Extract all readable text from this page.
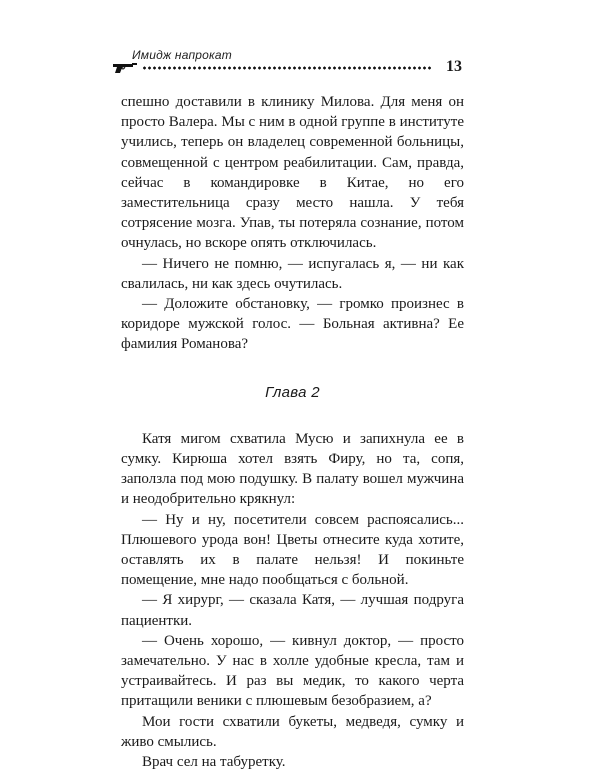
Имидж напрокат
13

спешно доставили в клинику Милова. Для меня он просто Валера. Мы с ним в одной группе в институте учились, теперь он владелец современной больницы, совмещенной с центром реабилитации. Сам, правда, сейчас в командировке в Китае, но его заместительница сразу место нашла. У тебя сотрясение мозга. Упав, ты потеряла сознание, потом очнулась, но вскоре опять отключилась.

— Ничего не помню, — испугалась я, — ни как свалилась, ни как здесь очутилась.

— Доложите обстановку, — громко произнес в коридоре мужской голос. — Больная активна? Ее фамилия Романова?

Глава 2

Катя мигом схватила Мусю и запихнула ее в сумку. Кирюша хотел взять Фиру, но та, сопя, заползла под мою подушку. В палату вошел мужчина и неодобрительно крякнул:

— Ну и ну, посетители совсем распоясались... Плюшевого урода вон! Цветы отнесите куда хотите, оставлять их в палате нельзя! И покиньте помещение, мне надо пообщаться с больной.

— Я хирург, — сказала Катя, — лучшая подруга пациентки.

— Очень хорошо, — кивнул доктор, — просто замечательно. У нас в холле удобные кресла, там и устраивайтесь. И раз вы медик, то какого черта притащили веники с плюшевым безобразием, а?

Мои гости схватили букеты, медведя, сумку и живо смылись.

Врач сел на табуретку.
